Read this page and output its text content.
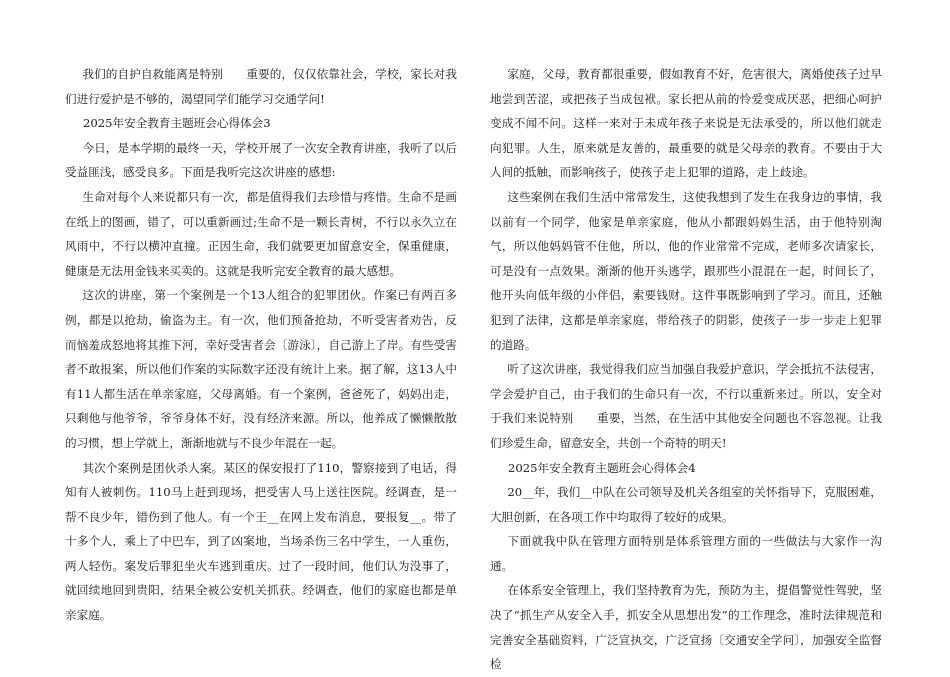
我们的自护自救能离是特别　　重要的，仅仅依靠社会，学校，家长对我们进行爱护是不够的，渴望同学们能学习交通学问!

2025年安全教育主题班会心得体会3

今日，是本学期的最终一天，学校开展了一次安全教育讲座，我听了以后受益匪浅，感受良多。下面是我听完这次讲座的感想:

生命对每个人来说都只有一次，都是值得我们去珍惜与疼惜。生命不是画在纸上的图画，错了，可以重新画过;生命不是一颗长青树，不行以永久立在风雨中，不行以横冲直撞。正因生命，我们就要更加留意安全，保重健康，健康是无法用金钱来买卖的。这就是我听完安全教育的最大感想。

这次的讲座，第一个案例是一个13人组合的犯罪团伙。作案已有两百多例，都是以抢劫，偷盗为主。有一次，他们预备抢劫，不听受害者劝告，反而恼羞成怒地将其推下河，幸好受害者会〔游泳〕，自己游上了岸。有些受害者不敢报案，所以他们作案的实际数字还没有统计上来。据了解，这13人中有11人都生活在单亲家庭，父母离婚。有一个案例，爸爸死了，妈妈出走，只剩他与他爷爷，爷爷身体不好，没有经济来源。所以，他养成了懒懒散散的习惯，想上学就上，渐渐地就与不良少年混在一起。

其次个案例是团伙杀人案。某区的保安报打了110，警察接到了电话，得知有人被刺伤。110马上赶到现场，把受害人马上送往医院。经调查，是一帮不良少年，错伤到了他人。有一个王__在网上发布消息，要报复__。带了十多个人，乘上了中巴车，到了凶案地，当场杀伤三名中学生，一人重伤，两人轻伤。案发后罪犯坐火车逃到重庆。过了一段时间，他们认为没事了，就回续地回到贵阳，结果全被公安机关抓获。经调查，他们的家庭也都是单亲家庭。

家庭，父母，教育都很重要，假如教育不好，危害很大，离婚使孩子过早地尝到苦涩，或把孩子当成包袱。家长把从前的怜爱变成厌恶，把细心呵护变成不闻不问。这样一来对于未成年孩子来说是无法承受的，所以他们就走向犯罪。人生，原来就是友善的，最重要的就是父母亲的教育。不要由于大人间的抵触，而影响孩子，使孩子走上犯罪的道路，走上歧途。

这些案例在我们生活中常常发生，这使我想到了发生在我身边的事情，我以前有一个同学，他家是单亲家庭，他从小都跟妈妈生活，由于他特别淘气，所以他妈妈管不住他，所以，他的作业常常不完成，老师多次请家长，可是没有一点效果。渐渐的他开头逃学，跟那些小混混在一起，时间长了，他开头向低年级的小伴侣，索要钱财。这件事既影响到了学习。而且，还触犯到了法律，这都是单亲家庭，带给孩子的阴影，使孩子一步一步走上犯罪的道路。

听了这次讲座，我觉得我们应当加强自我爱护意识，学会抵抗不法侵害，学会爱护自己，由于我们的生命只有一次，不行以重新来过。所以，安全对于我们来说特别　　重要，当然，在生活中其他安全问题也不容忽视。让我们珍爱生命，留意安全，共创一个奇特的明天!

2025年安全教育主题班会心得体会4

20__年，我们__中队在公司领导及机关各组室的关怀指导下，克服困难，大胆创新，在各项工作中均取得了较好的成果。

下面就我中队在管理方面特别是体系管理方面的一些做法与大家作一沟通。

在体系安全管理上，我们坚持教育为先，预防为主，提倡警觉性驾驶，坚决了“抓生产从安全入手，抓安全从思想出发”的工作理念，准时法律规范和完善安全基础资料，广泛宣执交，广泛宣扬〔交通安全学问〕，加强安全监督检
